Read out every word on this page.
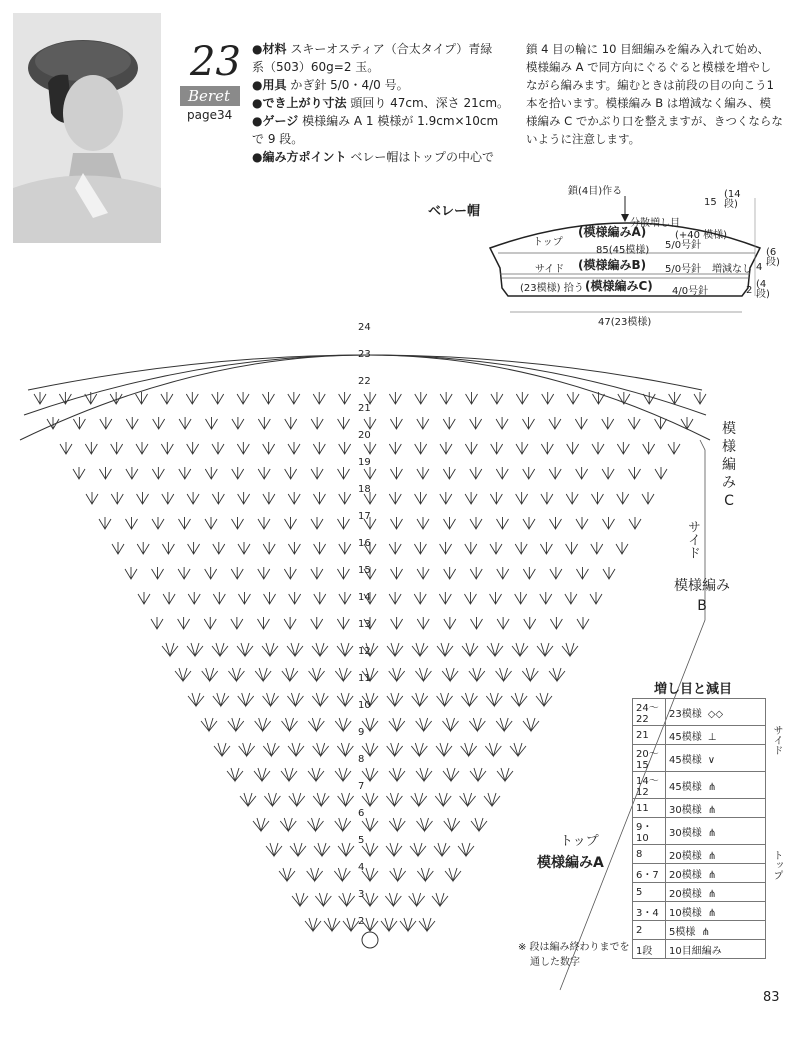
23
Beret
page34
●材料 スキーオスティア（合太タイプ）青緑
系（503）60g=2 玉。
●用具 かぎ針 5/0・4/0 号。
●でき上がり寸法 頭回り 47cm、深さ 21cm。
●ゲージ 模様編み A 1 模様が 1.9cm×10cm
で 9 段。
●編み方ポイント ベレー帽はトップの中心で
鎖 4 目の輪に 10 目細編みを編み入れて始め、
模様編み A で同方向にぐるぐると模様を増やし
ながら編みます。編むときは前段の目の向こう1
本を拾います。模様編み B は増減なく編み、模
様編み C でかぶり口を整えますが、きつくならな
いように注意します。
ベレー帽
鎖(4目)作る
分散増し目
(+40 模様)
トップ
(模様編みA)
5/0号針
85(45模様)
サイド (模様編みB) 5/0号針 増減なし
(23模様) 拾う (模様編みC) 4/0号針
15
(14段)
4
(6段)
2
(4段)
47(23模様)
24
23
22
21
20
19
18
17
16
15
14
13
12
11
10
9
8
7
6
5
4
3
2
模様
編み
C
サイド
模様編み
B
トップ
模様編みA
※ 段は編み終わりまでを
通した数字
増し目と減目
24〜22	23模様 ◇◇
21	45模様 ⊥
20〜15	45模様 ∨
14〜12	45模様 ⋔
11	30模様 ⋔
9・10	30模様 ⋔
8	20模様 ⋔
6・7	20模様 ⋔
5	20模様 ⋔
3・4	10模様 ⋔
2	5模様 ⋔
1段	10目細編み
サイド
トップ
83
